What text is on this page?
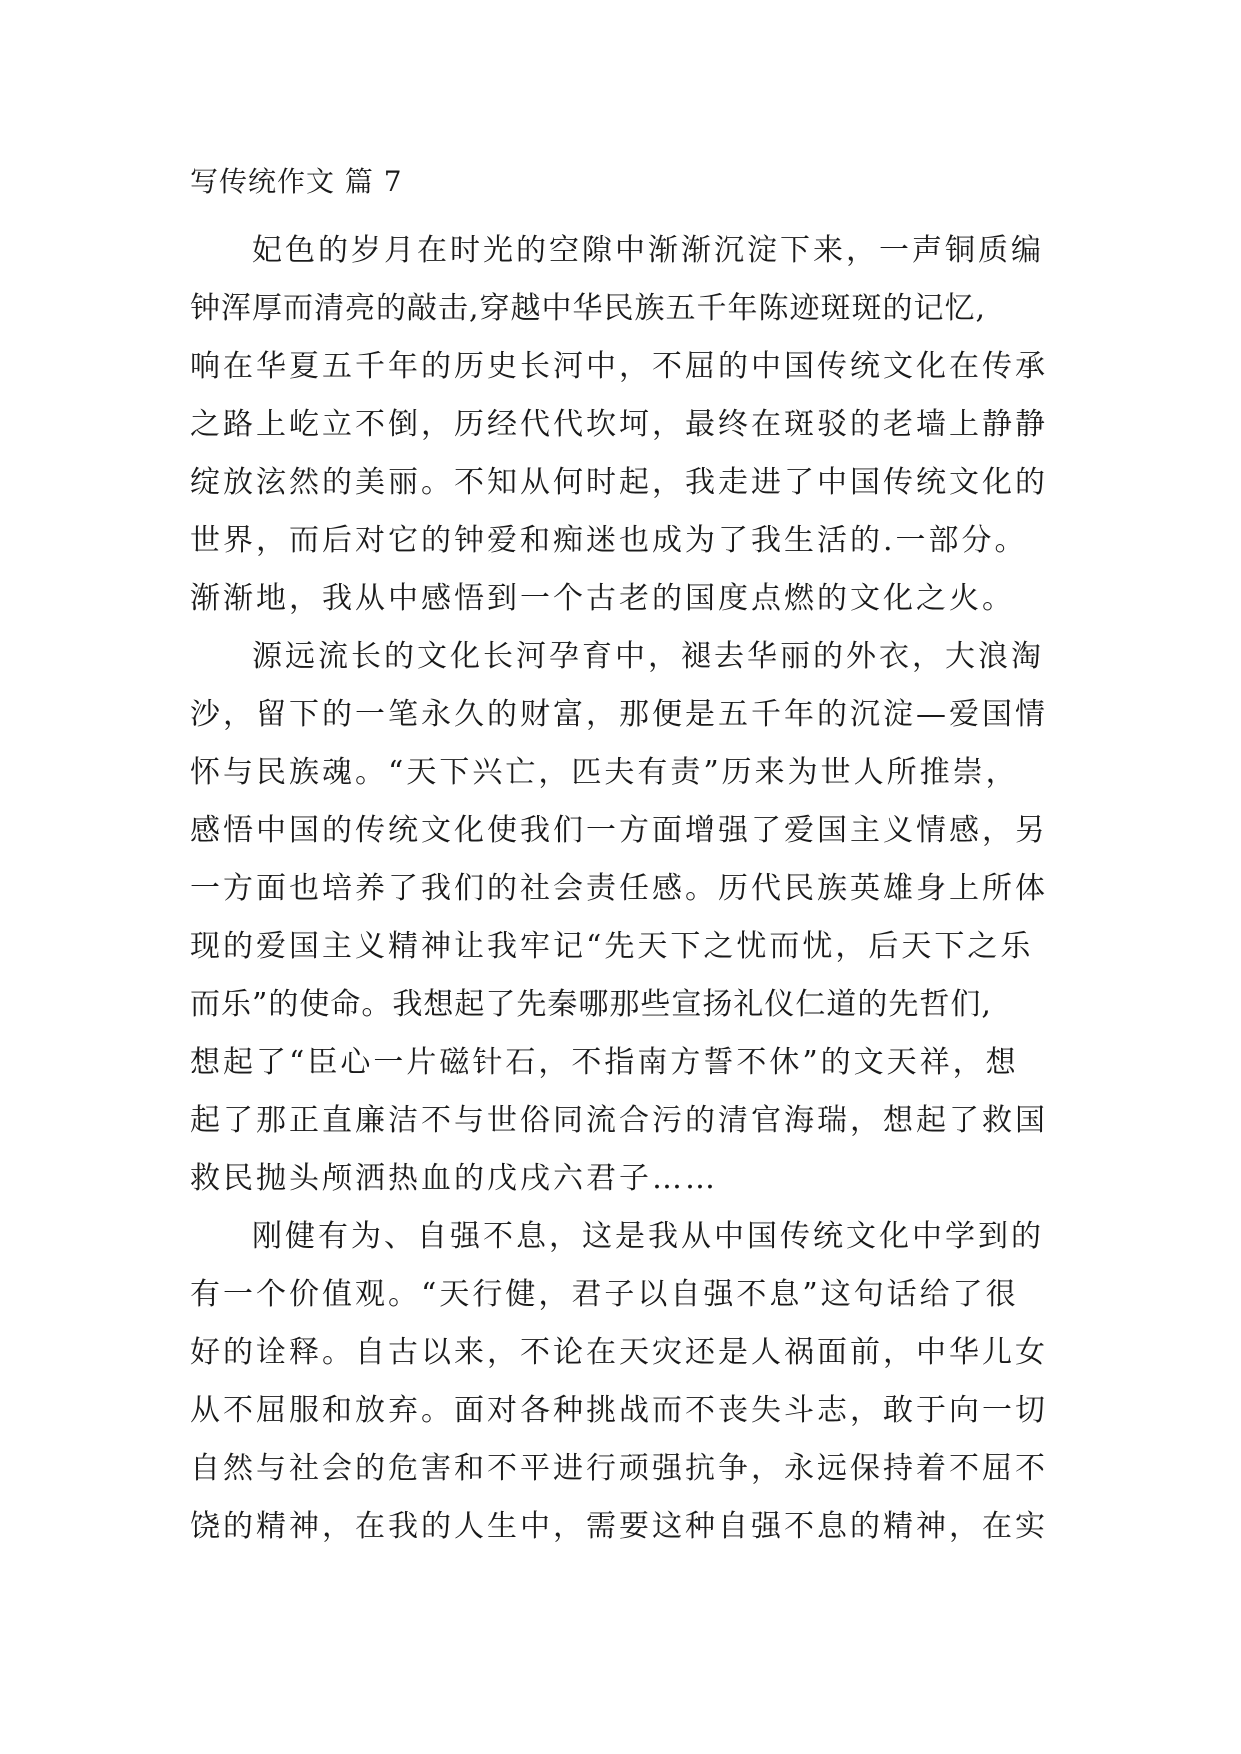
写传统作文 篇 7
妃色的岁月在时光的空隙中渐渐沉淀下来，一声铜质编
钟浑厚而清亮的敲击,穿越中华民族五千年陈迹斑斑的记忆,
响在华夏五千年的历史长河中，不屈的中国传统文化在传承
之路上屹立不倒，历经代代坎坷，最终在斑驳的老墙上静静
绽放泫然的美丽。不知从何时起，我走进了中国传统文化的
世界，而后对它的钟爱和痴迷也成为了我生活的.一部分。
渐渐地，我从中感悟到一个古老的国度点燃的文化之火。
源远流长的文化长河孕育中，褪去华丽的外衣，大浪淘
沙，留下的一笔永久的财富，那便是五千年的沉淀—爱国情
怀与民族魂。“天下兴亡，匹夫有责”历来为世人所推崇，
感悟中国的传统文化使我们一方面增强了爱国主义情感，另
一方面也培养了我们的社会责任感。历代民族英雄身上所体
现的爱国主义精神让我牢记“先天下之忧而忧，后天下之乐
而乐”的使命。我想起了先秦哪那些宣扬礼仪仁道的先哲们,
想起了“臣心一片磁针石，不指南方誓不休”的文天祥，想
起了那正直廉洁不与世俗同流合污的清官海瑞，想起了救国
救民抛头颅洒热血的戊戌六君子……
刚健有为、自强不息，这是我从中国传统文化中学到的
有一个价值观。“天行健，君子以自强不息”这句话给了很
好的诠释。自古以来，不论在天灾还是人祸面前，中华儿女
从不屈服和放弃。面对各种挑战而不丧失斗志，敢于向一切
自然与社会的危害和不平进行顽强抗争，永远保持着不屈不
饶的精神，在我的人生中，需要这种自强不息的精神，在实
